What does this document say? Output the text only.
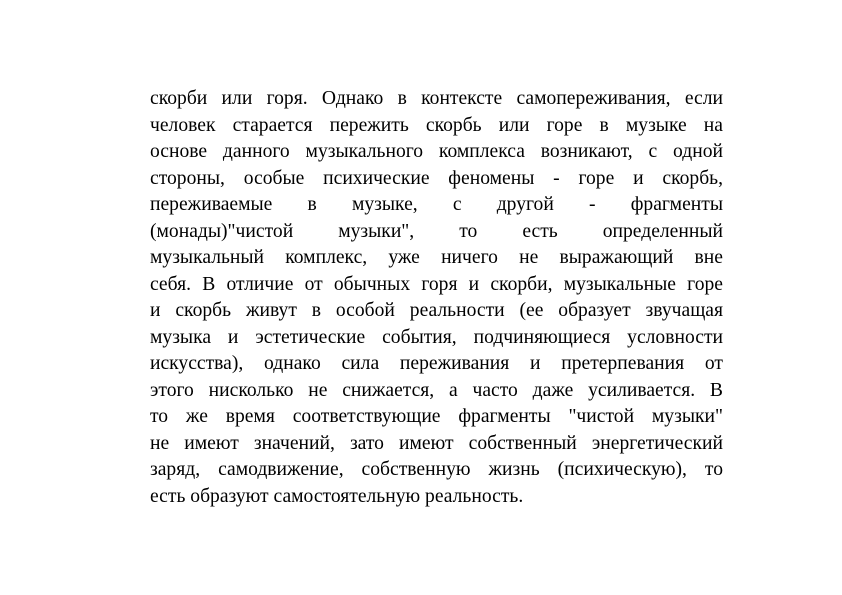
скорби или горя. Однако в контексте самопереживания, если
человек старается пережить скорбь или горе в музыке на
основе данного музыкального комплекса возникают, с одной
стороны, особые психические феномены - горе и скорбь,
переживаемые в музыке, с другой - фрагменты
(монады)"чистой музыки", то есть определенный
музыкальный комплекс, уже ничего не выражающий вне
себя. В отличие от обычных горя и скорби, музыкальные горе
и скорбь живут в особой реальности (ее образует звучащая
музыка и эстетические события, подчиняющиеся условности
искусства), однако сила переживания и претерпевания от
этого нисколько не снижается, а часто даже усиливается. В
то же время соответствующие фрагменты "чистой музыки"
не имеют значений, зато имеют собственный энергетический
заряд, самодвижение, собственную жизнь (психическую), то
есть образуют самостоятельную реальность.
